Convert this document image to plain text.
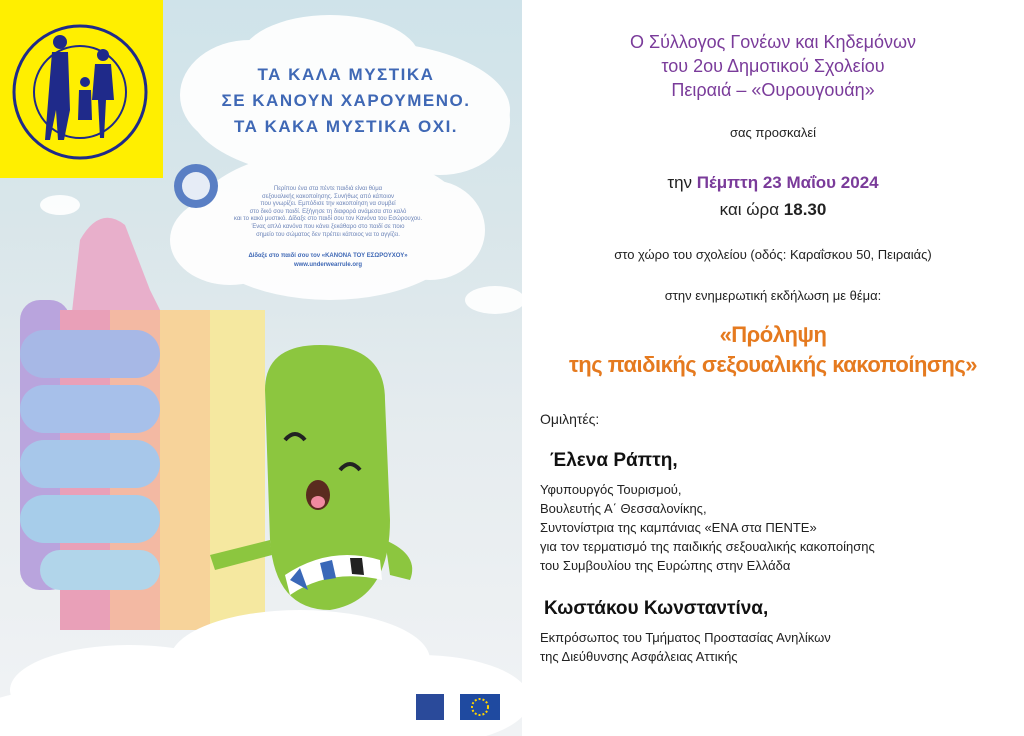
ΤΑ ΚΑΛΑ ΜΥΣΤΙΚΑ
ΣΕ ΚΑΝΟΥΝ ΧΑΡΟΥΜΕΝΟ.
ΤΑ ΚΑΚΑ ΜΥΣΤΙΚΑ ΟΧΙ.
Περίπου ένα στα πέντε παιδιά είναι θύμα
σεξουαλικής κακοποίησης. Συνήθως από κάποιον
που γνωρίζει. Εμπόδισε την κακοποίηση να συμβεί
στο δικό σου παιδί. Εξήγησε τη διαφορά ανάμεσα στο καλό
και το κακό μυστικό. Δίδαξε στο παιδί σου τον Κανόνα του Εσώρουχου.
Ένας απλό κανόνα που κάνει ξεκάθαρο στο παιδί σε ποιο
σημείο του σώματος δεν πρέπει κάποιος να το αγγίζει.
Δίδαξε στο παιδί σου τον «ΚΑΝΟΝΑ ΤΟΥ ΕΣΩΡΟΥΧΟΥ»
www.underwearrule.org
Ο Σύλλογος Γονέων και Κηδεμόνων
του 2ου Δημοτικού Σχολείου
Πειραιά – «Ουρουγουάη»
σας προσκαλεί
την Πέμπτη 23 Μαΐου 2024
και ώρα 18.30
στο χώρο του σχολείου (οδός: Καραΐσκου 50, Πειραιάς)
στην ενημερωτική εκδήλωση με θέμα:
«Πρόληψη
της παιδικής σεξουαλικής κακοποίησης»
Ομιλητές:
Έλενα Ράπτη,
Υφυπουργός Τουρισμού,
Βουλευτής Α΄ Θεσσαλονίκης,
Συντονίστρια της καμπάνιας «ΕΝΑ στα ΠΕΝΤΕ»
για τον τερματισμό της παιδικής σεξουαλικής κακοποίησης
του Συμβουλίου της Ευρώπης στην Ελλάδα
Κωστάκου Κωνσταντίνα,
Εκπρόσωπος του Τμήματος Προστασίας Ανηλίκων
της Διεύθυνσης Ασφάλειας Αττικής
